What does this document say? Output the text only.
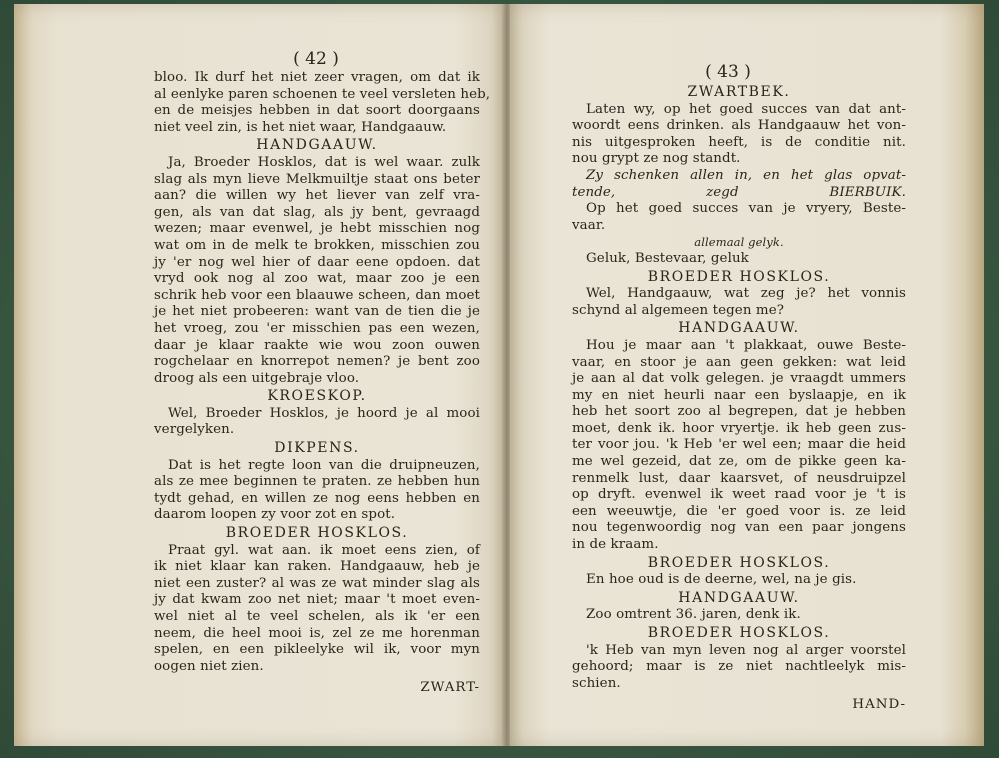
( 42 )
bloo. Ik durf het niet zeer vragen, om dat ik
al eenlyke paren schoenen te veel versleten heb,
en de meisjes hebben in dat soort doorgaans
niet veel zin, is het niet waar, Handgaauw.
HANDGAAUW.
Ja, Broeder Hosklos, dat is wel waar. zulk
slag als myn lieve Melkmuiltje staat ons beter
aan? die willen wy het liever van zelf vra-
gen, als van dat slag, als jy bent, gevraagd
wezen; maar evenwel, je hebt misschien nog
wat om in de melk te brokken, misschien zou
jy 'er nog wel hier of daar eene opdoen. dat
vryd ook nog al zoo wat, maar zoo je een
schrik heb voor een blaauwe scheen, dan moet
je het niet probeeren: want van de tien die je
het vroeg, zou 'er misschien pas een wezen,
daar je klaar raakte wie wou zoon ouwen
rogchelaar en knorrepot nemen? je bent zoo
droog als een uitgebraje vloo.
KROESKOP.
Wel, Broeder Hosklos, je hoord je al mooi
vergelyken.
DIKPENS.
Dat is het regte loon van die druipneuzen,
als ze mee beginnen te praten. ze hebben hun
tydt gehad, en willen ze nog eens hebben en
daarom loopen zy voor zot en spot.
BROEDER HOSKLOS.
Praat gyl. wat aan. ik moet eens zien, of
ik niet klaar kan raken. Handgaauw, heb je
niet een zuster? al was ze wat minder slag als
jy dat kwam zoo net niet; maar 't moet even-
wel niet al te veel schelen, als ik 'er een
neem, die heel mooi is, zel ze me horenman
spelen, en een pikleelyke wil ik, voor myn
oogen niet zien.
ZWART-
( 43 )
ZWARTBEK.
Laten wy, op het goed succes van dat ant-
woordt eens drinken. als Handgaauw het von-
nis uitgesproken heeft, is de conditie nit.
nou grypt ze nog standt.
Zy schenken allen in, en het glas opvat-
tende, zegd BIERBUIK.
Op het goed succes van je vryery, Beste-
vaar.
allemaal gelyk.
Geluk, Bestevaar, geluk
BROEDER HOSKLOS.
Wel, Handgaauw, wat zeg je? het vonnis
schynd al algemeen tegen me?
HANDGAAUW.
Hou je maar aan 't plakkaat, ouwe Beste-
vaar, en stoor je aan geen gekken: wat leid
je aan al dat volk gelegen. je vraagdt ummers
my en niet heurli naar een byslaapje, en ik
heb het soort zoo al begrepen, dat je hebben
moet, denk ik. hoor vryertje. ik heb geen zus-
ter voor jou. 'k Heb 'er wel een; maar die heid
me wel gezeid, dat ze, om de pikke geen ka-
renmelk lust, daar kaarsvet, of neusdruipzel
op dryft. evenwel ik weet raad voor je 't is
een weeuwtje, die 'er goed voor is. ze leid
nou tegenwoordig nog van een paar jongens
in de kraam.
BROEDER HOSKLOS.
En hoe oud is de deerne, wel, na je gis.
HANDGAAUW.
Zoo omtrent 36. jaren, denk ik.
BROEDER HOSKLOS.
'k Heb van myn leven nog al arger voorstel
gehoord; maar is ze niet nachtleelyk mis-
schien.
HAND-
